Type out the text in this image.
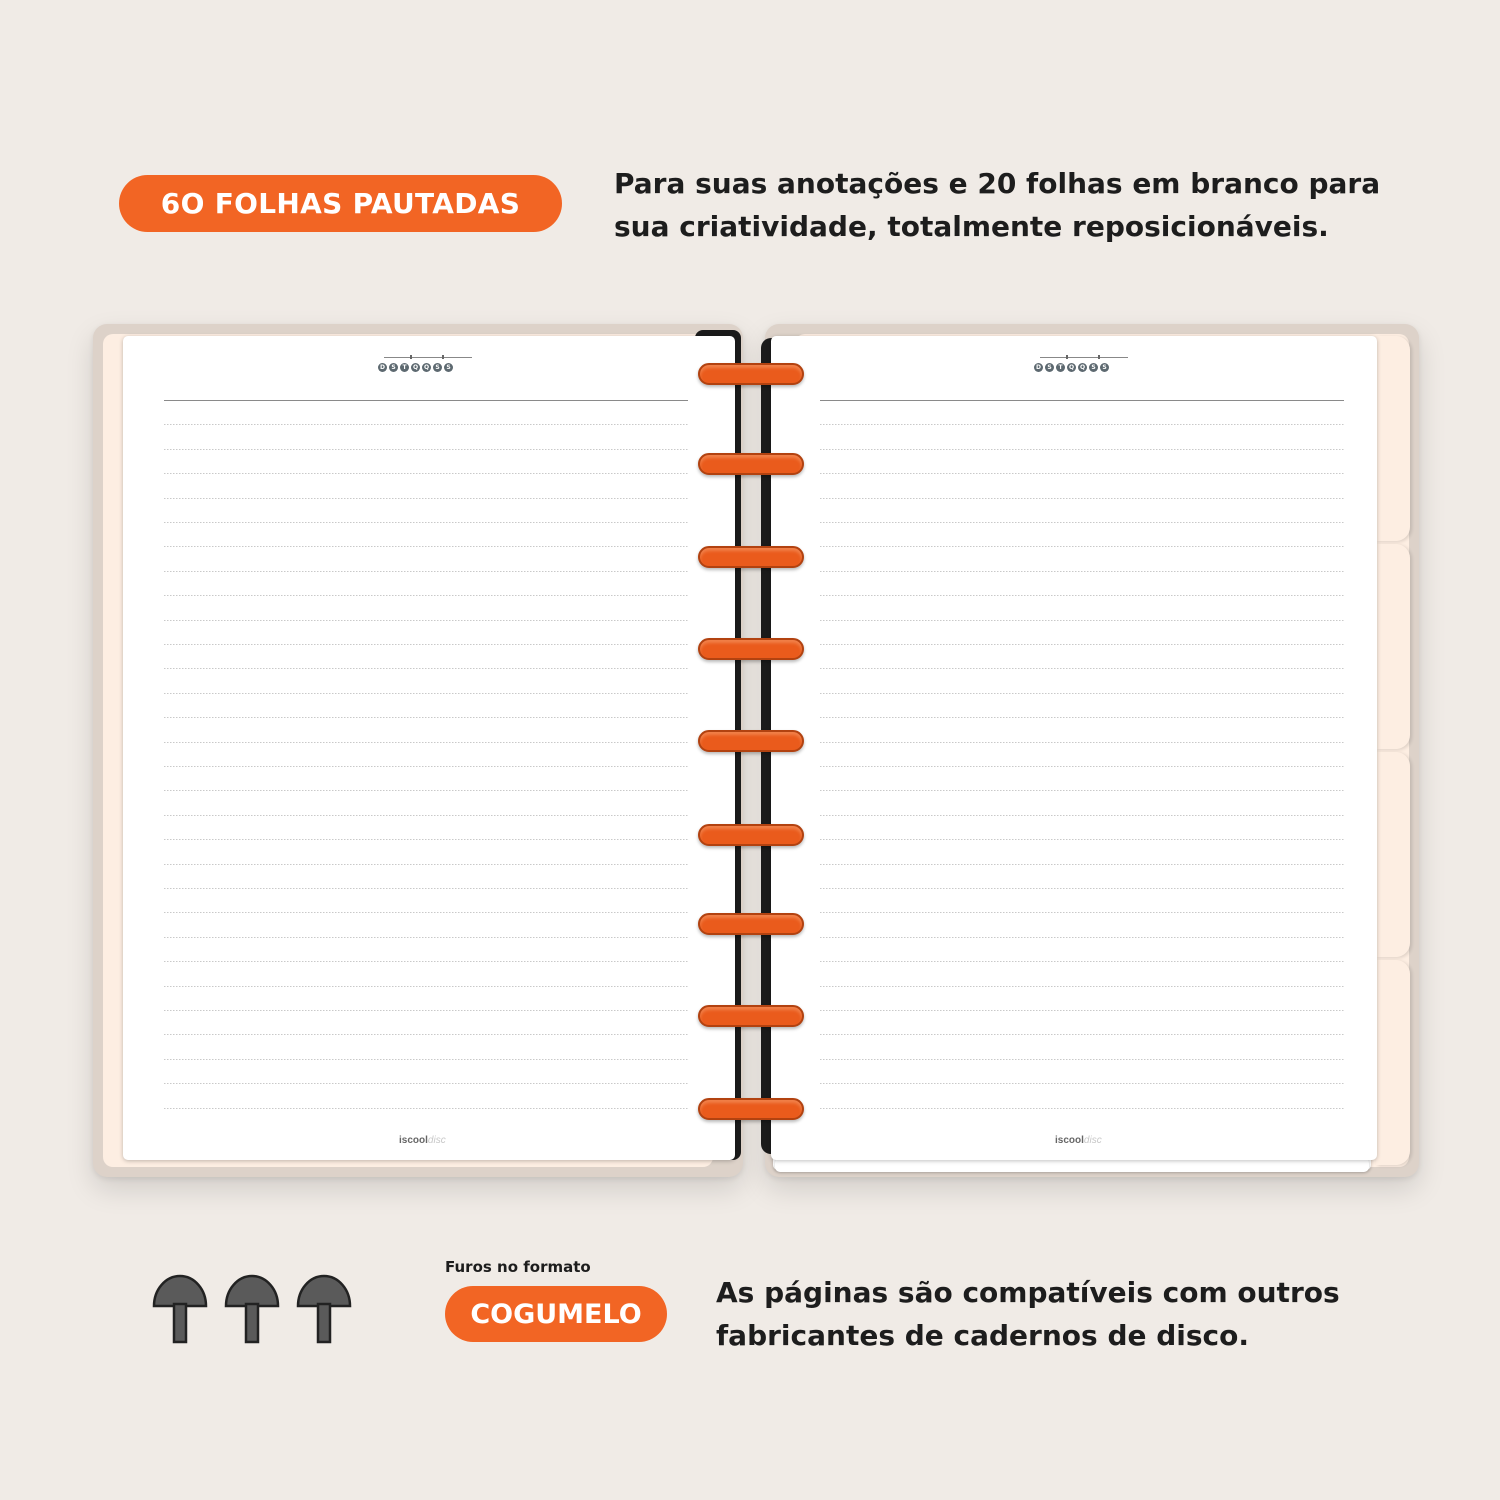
6O FOLHAS PAUTADAS
Para suas anotações e 20 folhas em branco para sua criatividade, totalmente reposicionáveis.
D	S	T	Q Q	S	S
iscooldisc
D	S	T	Q Q	S	S
iscooldisc
Furos no formato
COGUMELO
As páginas são compatíveis com outros fabricantes de cadernos de disco.
